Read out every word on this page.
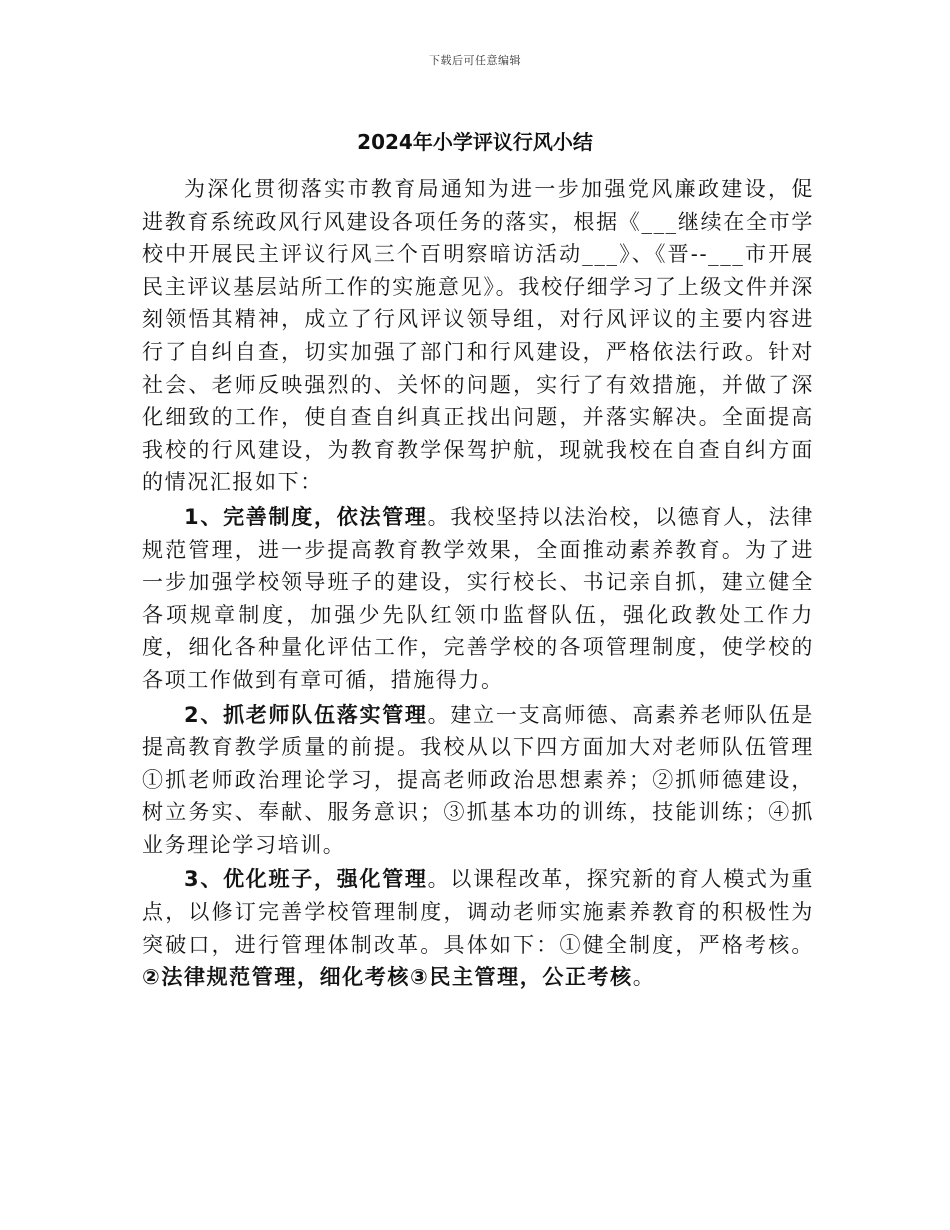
下载后可任意编辑
2024年小学评议行风小结

为深化贯彻落实市教育局通知为进一步加强党风廉政建设，促进教育系统政风行风建设各项任务的落实，根据《___继续在全市学校中开展民主评议行风三个百明察暗访活动___》、《晋--___市开展民主评议基层站所工作的实施意见》。我校仔细学习了上级文件并深刻领悟其精神，成立了行风评议领导组，对行风评议的主要内容进行了自纠自查，切实加强了部门和行风建设，严格依法行政。针对社会、老师反映强烈的、关怀的问题，实行了有效措施，并做了深化细致的工作，使自查自纠真正找出问题，并落实解决。全面提高我校的行风建设，为教育教学保驾护航，现就我校在自查自纠方面的情况汇报如下：

1、完善制度，依法管理。我校坚持以法治校，以德育人，法律规范管理，进一步提高教育教学效果，全面推动素养教育。为了进一步加强学校领导班子的建设，实行校长、书记亲自抓，建立健全各项规章制度，加强少先队红领巾监督队伍，强化政教处工作力度，细化各种量化评估工作，完善学校的各项管理制度，使学校的各项工作做到有章可循，措施得力。

2、抓老师队伍落实管理。建立一支高师德、高素养老师队伍是提高教育教学质量的前提。我校从以下四方面加大对老师队伍管理①抓老师政治理论学习，提高老师政治思想素养；②抓师德建设，树立务实、奉献、服务意识；③抓基本功的训练，技能训练；④抓业务理论学习培训。

3、优化班子，强化管理。以课程改革，探究新的育人模式为重点，以修订完善学校管理制度，调动老师实施素养教育的积极性为突破口，进行管理体制改革。具体如下：①健全制度，严格考核。②法律规范管理，细化考核③民主管理，公正考核。
